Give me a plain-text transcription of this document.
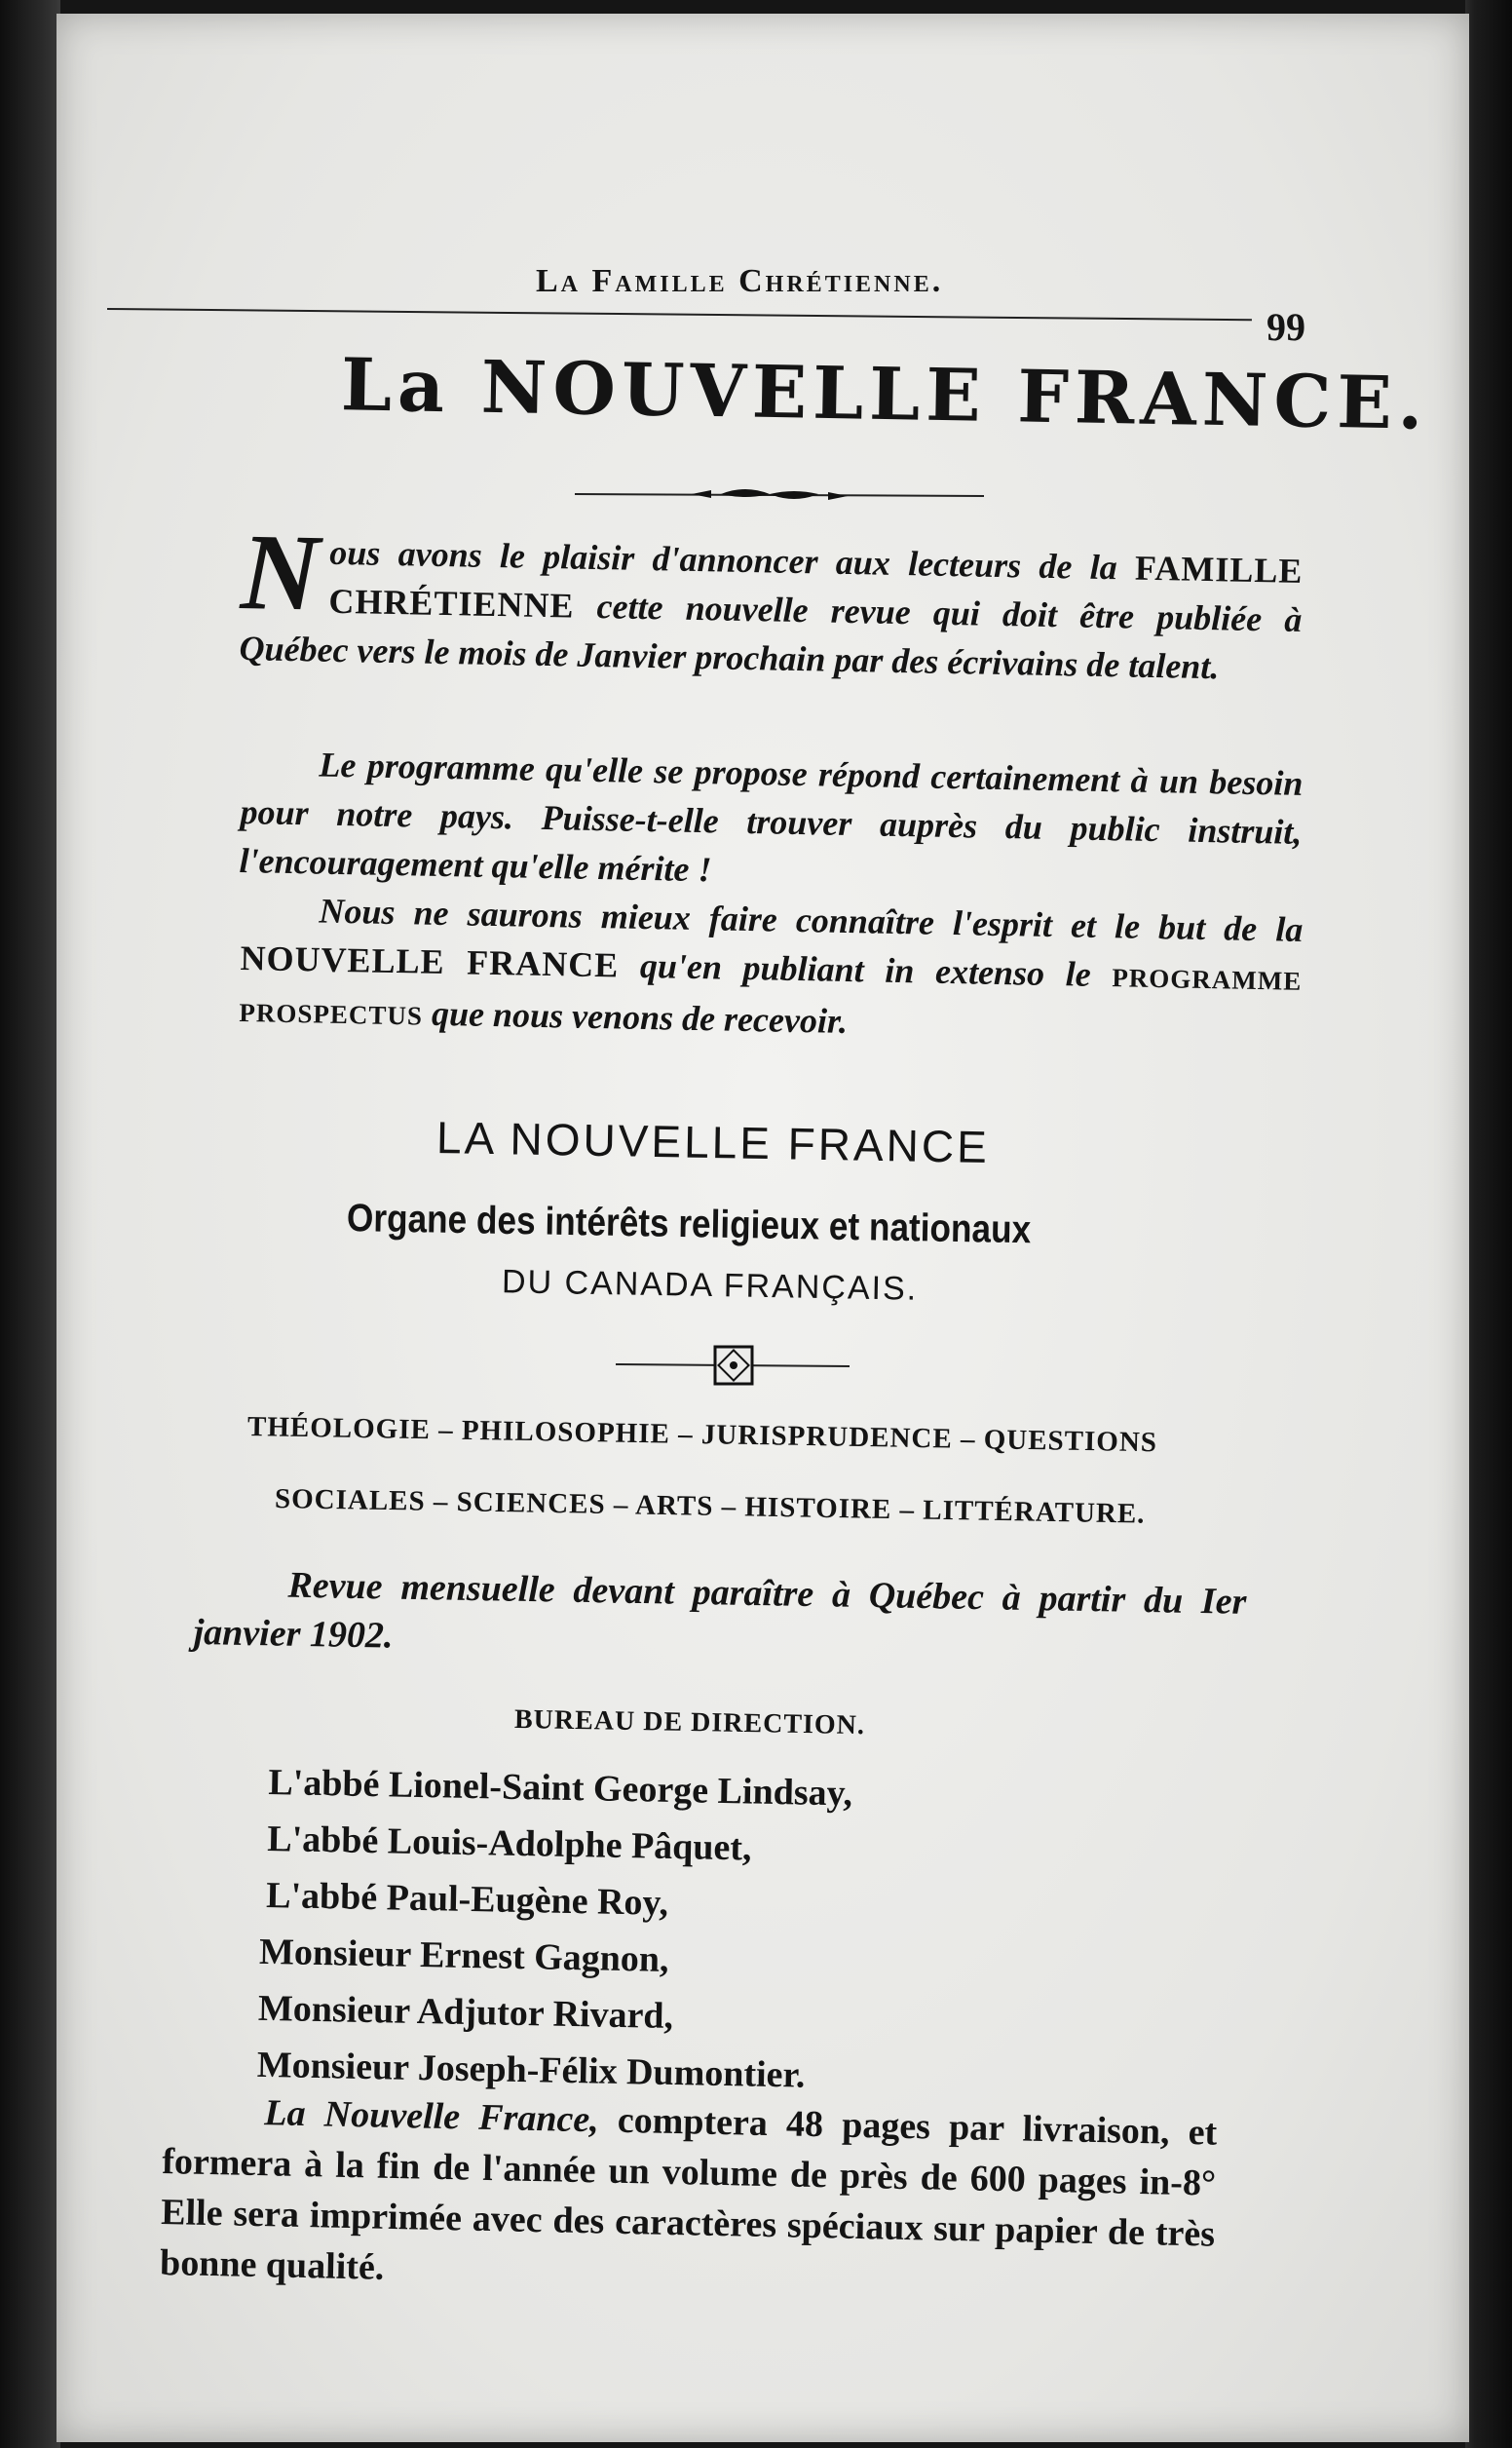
La Famille Chrétienne.
99
La NOUVELLE FRANCE.
N ous avons le plaisir d'annoncer aux lecteurs de la FAMILLE CHRÉTIENNE cette nouvelle revue qui doit être publiée à Québec vers le mois de Janvier prochain par des écrivains de talent.
Le programme qu'elle se propose répond certainement à un besoin pour notre pays. Puisse-t-elle trouver auprès du public instruit, l'encouragement qu'elle mérite !
Nous ne saurons mieux faire connaître l'esprit et le but de la NOUVELLE FRANCE qu'en publiant in extenso le PROGRAMME PROSPECTUS que nous venons de recevoir.
LA NOUVELLE FRANCE
Organe des intérêts religieux et nationaux
DU CANADA FRANÇAIS.
THÉOLOGIE – PHILOSOPHIE – JURISPRUDENCE – QUESTIONS
SOCIALES – SCIENCES – ARTS – HISTOIRE – LITTÉRATURE.
Revue mensuelle devant paraître à Québec à partir du Ier janvier 1902.
BUREAU DE DIRECTION.
L'abbé Lionel-Saint George Lindsay,
L'abbé Louis-Adolphe Pâquet,
L'abbé Paul-Eugène Roy,
Monsieur Ernest Gagnon,
Monsieur Adjutor Rivard,
Monsieur Joseph-Félix Dumontier.
La Nouvelle France, comptera 48 pages par livraison, et formera à la fin de l'année un volume de près de 600 pages in-8° Elle sera imprimée avec des caractères spéciaux sur papier de très bonne qualité.
